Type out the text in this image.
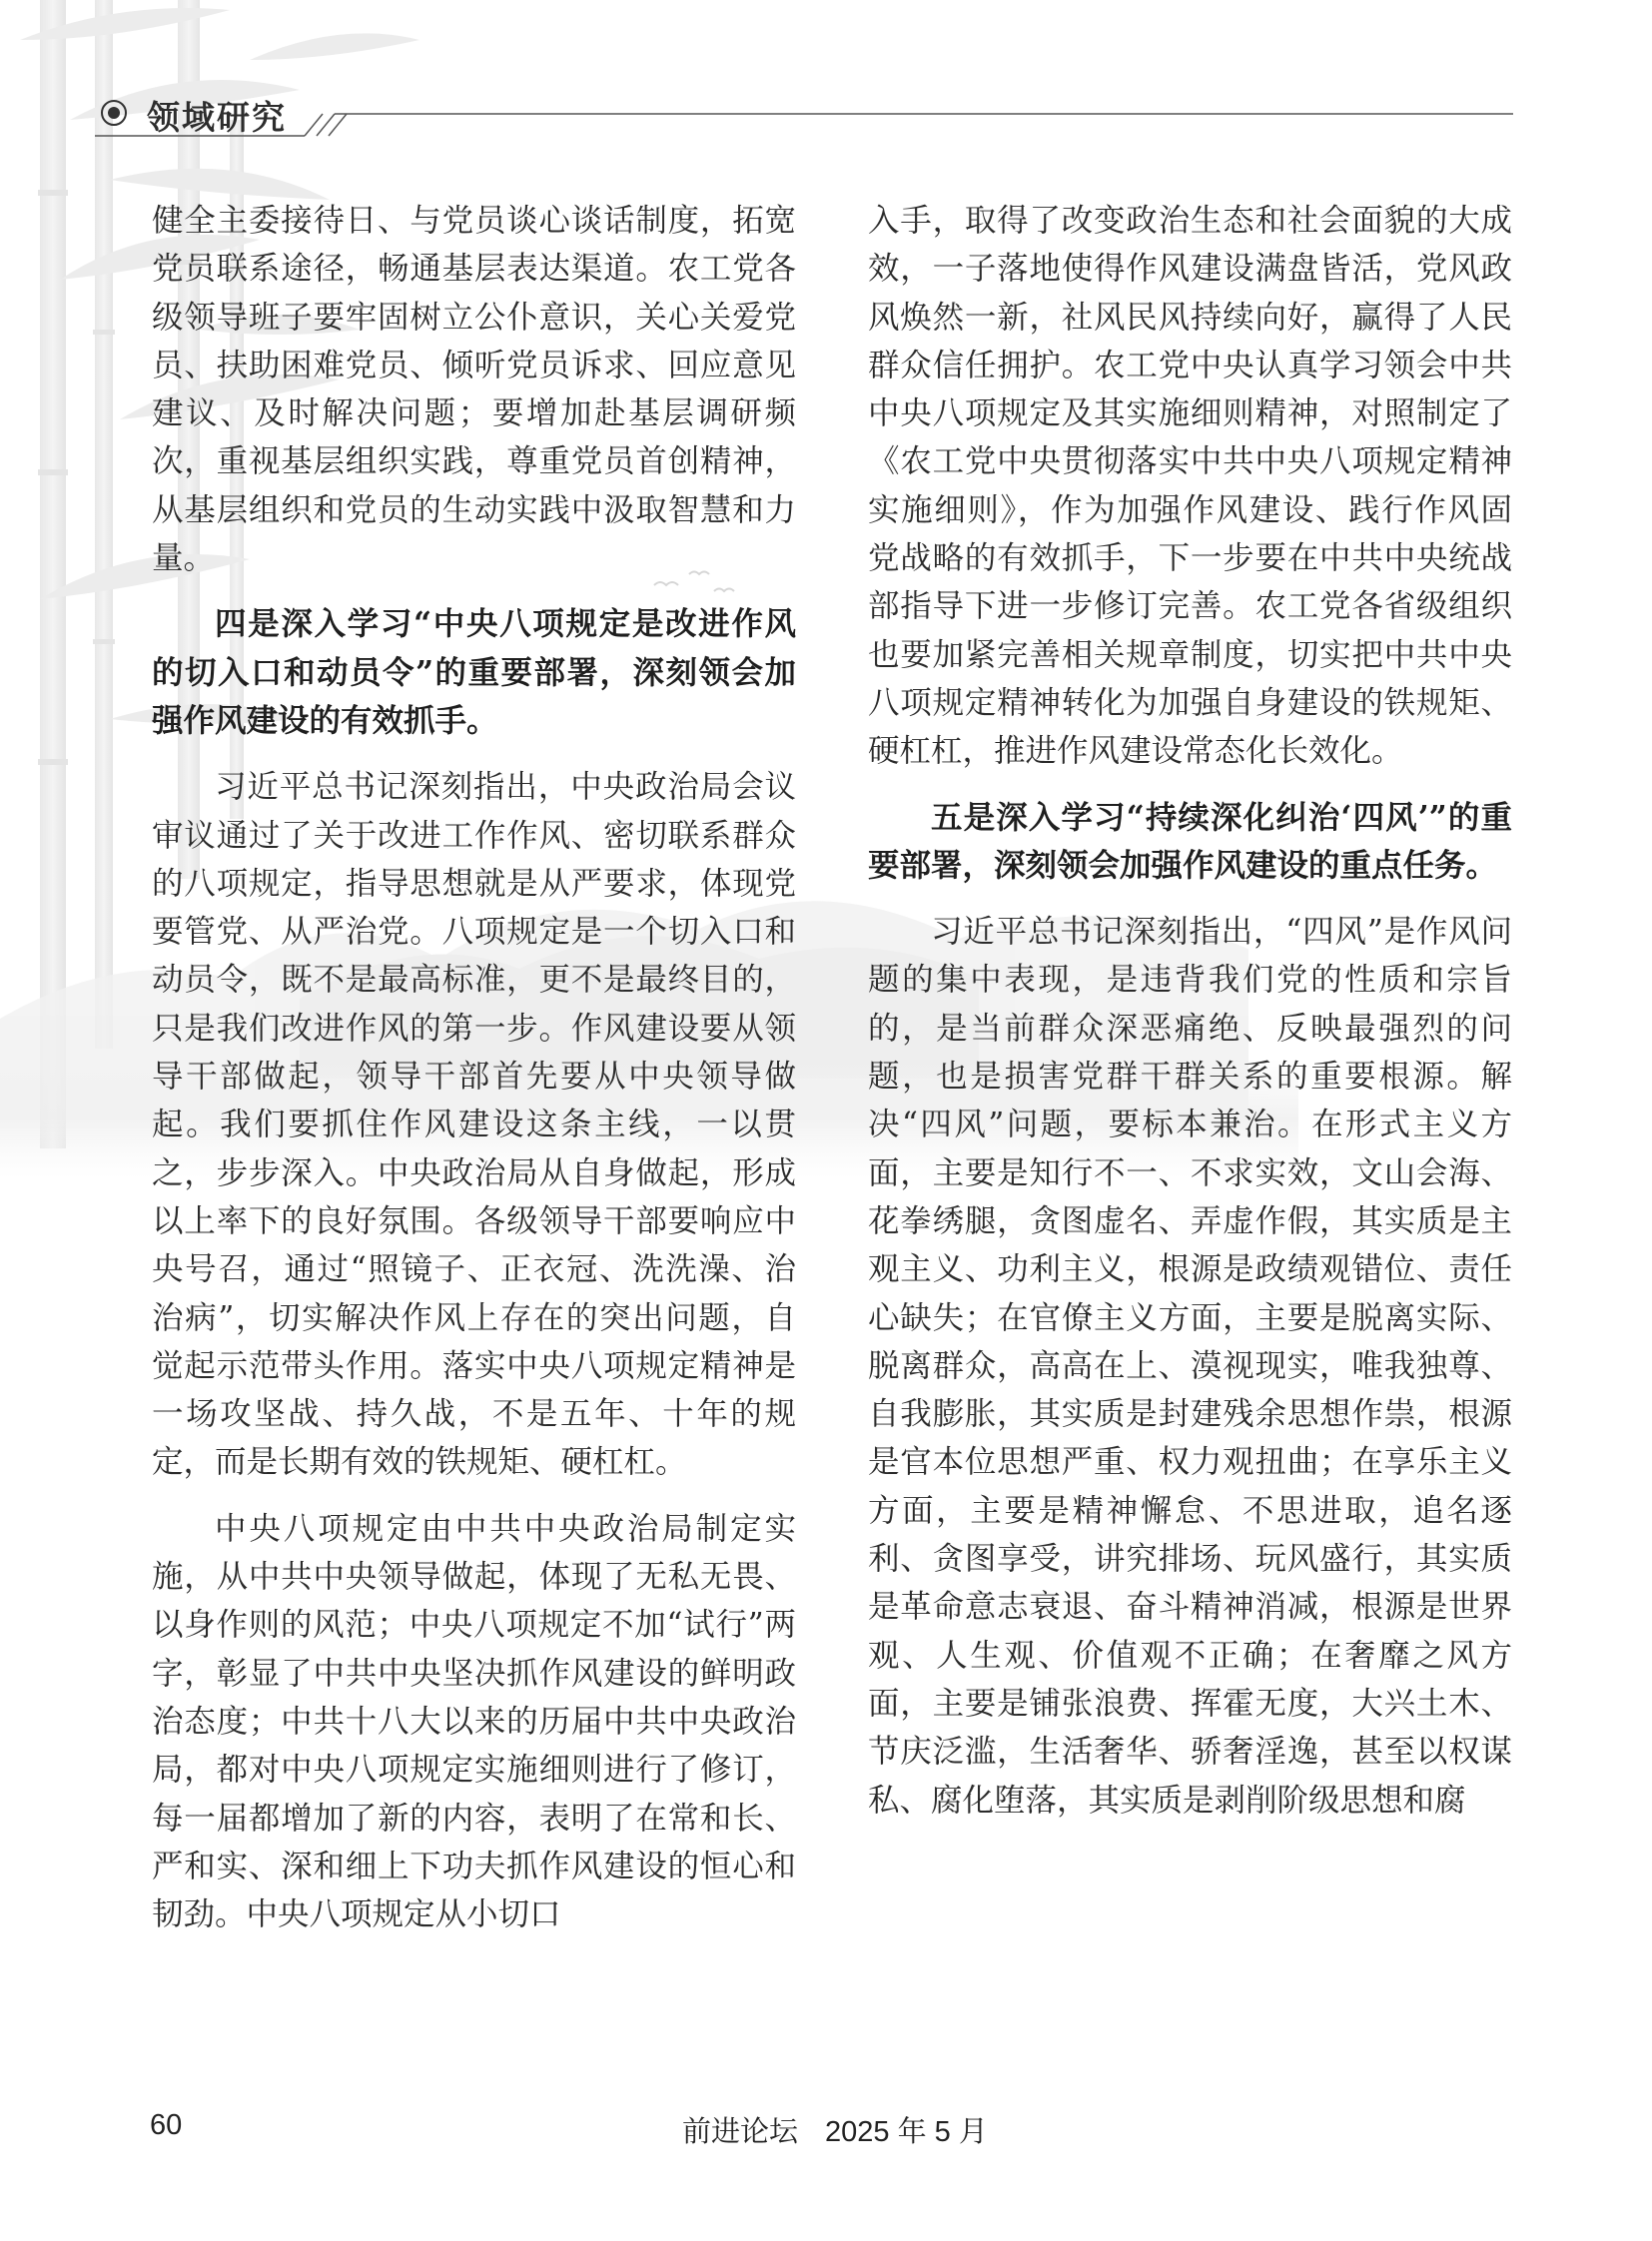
领域研究

健全主委接待日、与党员谈心谈话制度，拓宽党员联系途径，畅通基层表达渠道。农工党各级领导班子要牢固树立公仆意识，关心关爱党员、扶助困难党员、倾听党员诉求、回应意见建议、及时解决问题；要增加赴基层调研频次，重视基层组织实践，尊重党员首创精神，从基层组织和党员的生动实践中汲取智慧和力量。

四是深入学习“中央八项规定是改进作风的切入口和动员令”的重要部署，深刻领会加强作风建设的有效抓手。

习近平总书记深刻指出，中央政治局会议审议通过了关于改进工作作风、密切联系群众的八项规定，指导思想就是从严要求，体现党要管党、从严治党。八项规定是一个切入口和动员令，既不是最高标准，更不是最终目的，只是我们改进作风的第一步。作风建设要从领导干部做起，领导干部首先要从中央领导做起。我们要抓住作风建设这条主线，一以贯之，步步深入。中央政治局从自身做起，形成以上率下的良好氛围。各级领导干部要响应中央号召，通过“照镜子、正衣冠、洗洗澡、治治病”，切实解决作风上存在的突出问题，自觉起示范带头作用。落实中央八项规定精神是一场攻坚战、持久战，不是五年、十年的规定，而是长期有效的铁规矩、硬杠杠。

中央八项规定由中共中央政治局制定实施，从中共中央领导做起，体现了无私无畏、以身作则的风范；中央八项规定不加“试行”两字，彰显了中共中央坚决抓作风建设的鲜明政治态度；中共十八大以来的历届中共中央政治局，都对中央八项规定实施细则进行了修订，每一届都增加了新的内容，表明了在常和长、严和实、深和细上下功夫抓作风建设的恒心和韧劲。中央八项规定从小切口

入手，取得了改变政治生态和社会面貌的大成效，一子落地使得作风建设满盘皆活，党风政风焕然一新，社风民风持续向好，赢得了人民群众信任拥护。农工党中央认真学习领会中共中央八项规定及其实施细则精神，对照制定了《农工党中央贯彻落实中共中央八项规定精神实施细则》，作为加强作风建设、践行作风固党战略的有效抓手，下一步要在中共中央统战部指导下进一步修订完善。农工党各省级组织也要加紧完善相关规章制度，切实把中共中央八项规定精神转化为加强自身建设的铁规矩、硬杠杠，推进作风建设常态化长效化。

五是深入学习“持续深化纠治‘四风’”的重要部署，深刻领会加强作风建设的重点任务。

习近平总书记深刻指出，“四风”是作风问题的集中表现，是违背我们党的性质和宗旨的，是当前群众深恶痛绝、反映最强烈的问题，也是损害党群干群关系的重要根源。解决“四风”问题，要标本兼治。在形式主义方面，主要是知行不一、不求实效，文山会海、花拳绣腿，贪图虚名、弄虚作假，其实质是主观主义、功利主义，根源是政绩观错位、责任心缺失；在官僚主义方面，主要是脱离实际、脱离群众，高高在上、漠视现实，唯我独尊、自我膨胀，其实质是封建残余思想作祟，根源是官本位思想严重、权力观扭曲；在享乐主义方面，主要是精神懈怠、不思进取，追名逐利、贪图享受，讲究排场、玩风盛行，其实质是革命意志衰退、奋斗精神消减，根源是世界观、人生观、价值观不正确；在奢靡之风方面，主要是铺张浪费、挥霍无度，大兴土木、节庆泛滥，生活奢华、骄奢淫逸，甚至以权谋私、腐化堕落，其实质是剥削阶级思想和腐

60	前进论坛 2025 年 5 月
